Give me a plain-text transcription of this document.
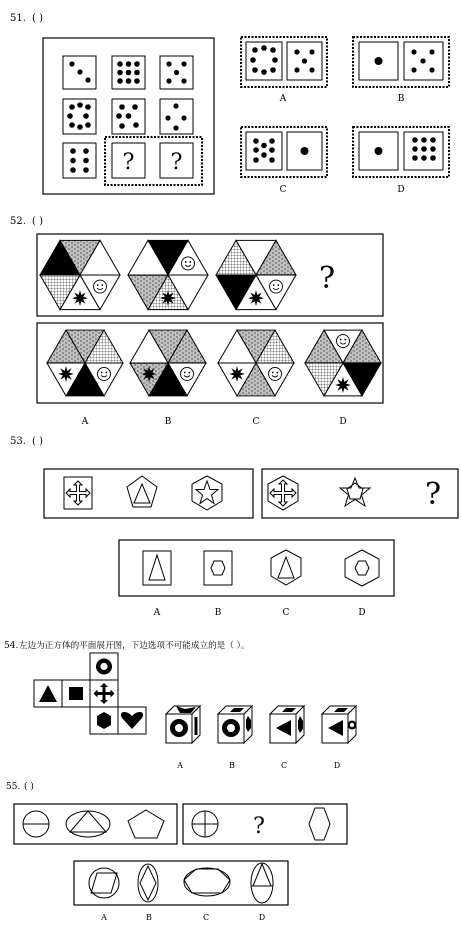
51. ( )
? ?
A	B
C	D
52. ( )
?
A	B	C	D
53. ( )
?
A	B	C	D
54. 左边为正方体的平面展开图，下边选项不可能成立的是（ ）。
A	B	C	D
55. ( )
?
A	B	C	D
